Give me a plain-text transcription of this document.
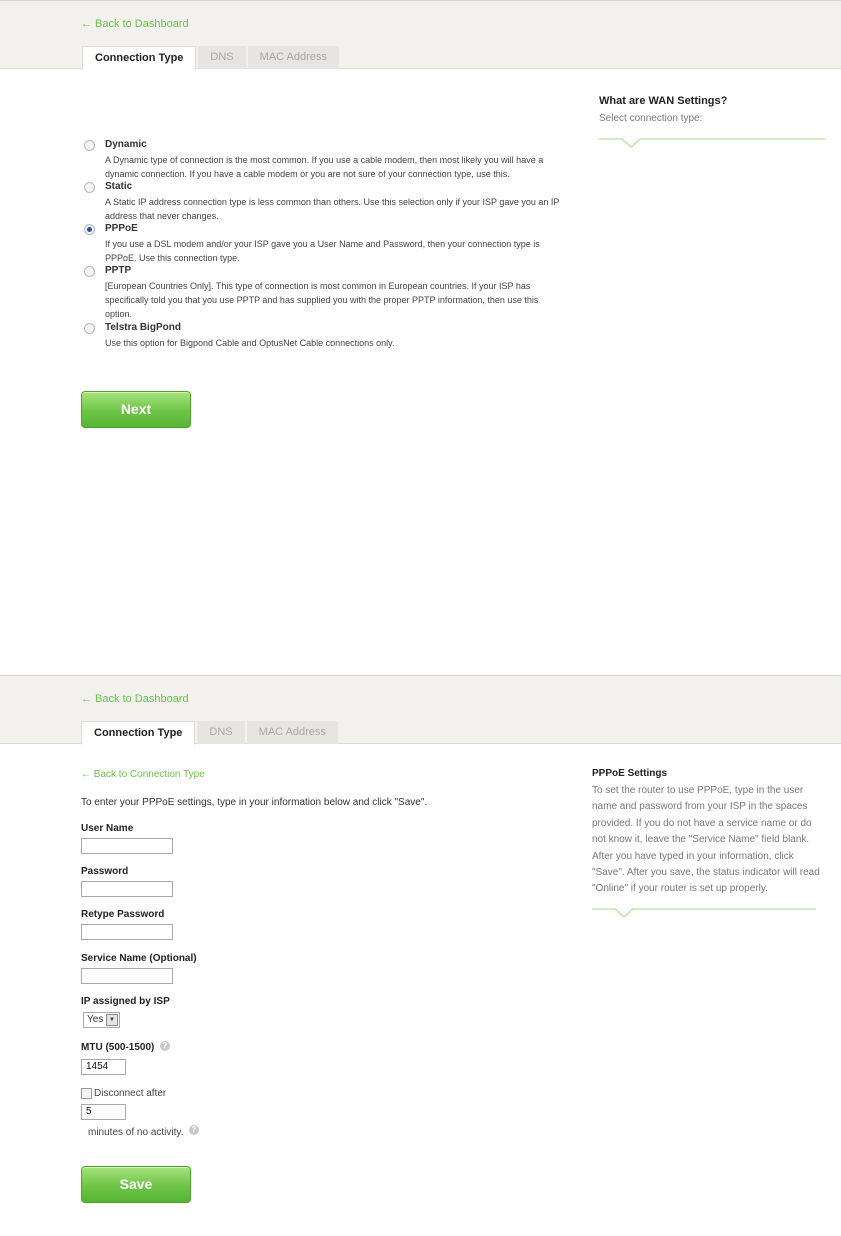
← Back to Dashboard
Connection Type	DNS	MAC Address
Dynamic
A Dynamic type of connection is the most common. If you use a cable modem, then most likely you will have a dynamic connection. If you have a cable modem or you are not sure of your connection type, use this.
Static
A Static IP address connection type is less common than others. Use this selection only if your ISP gave you an IP address that never changes.
PPPoE
If you use a DSL modem and/or your ISP gave you a User Name and Password, then your connection type is PPPoE. Use this connection type.
PPTP
[European Countries Only]. This type of connection is most common in European countries. If your ISP has specifically told you that you use PPTP and has supplied you with the proper PPTP information, then use this option.
Telstra BigPond
Use this option for Bigpond Cable and OptusNet Cable connections only.
Next
What are WAN Settings?
Select connection type:
← Back to Dashboard
Connection Type	DNS	MAC Address
← Back to Connection Type
To enter your PPPoE settings, type in your information below and click "Save".
User Name
Password
Retype Password
Service Name (Optional)
IP assigned by ISP
Yes ▼
MTU (500-1500)	?
1454
Disconnect after
5
minutes of no activity.	?
Save
PPPoE Settings
To set the router to use PPPoE, type in the user name and password from your ISP in the spaces provided. If you do not have a service name or do not know it, leave the "Service Name" field blank. After you have typed in your information, click "Save". After you save, the status indicator will read "Online" if your router is set up properly.
